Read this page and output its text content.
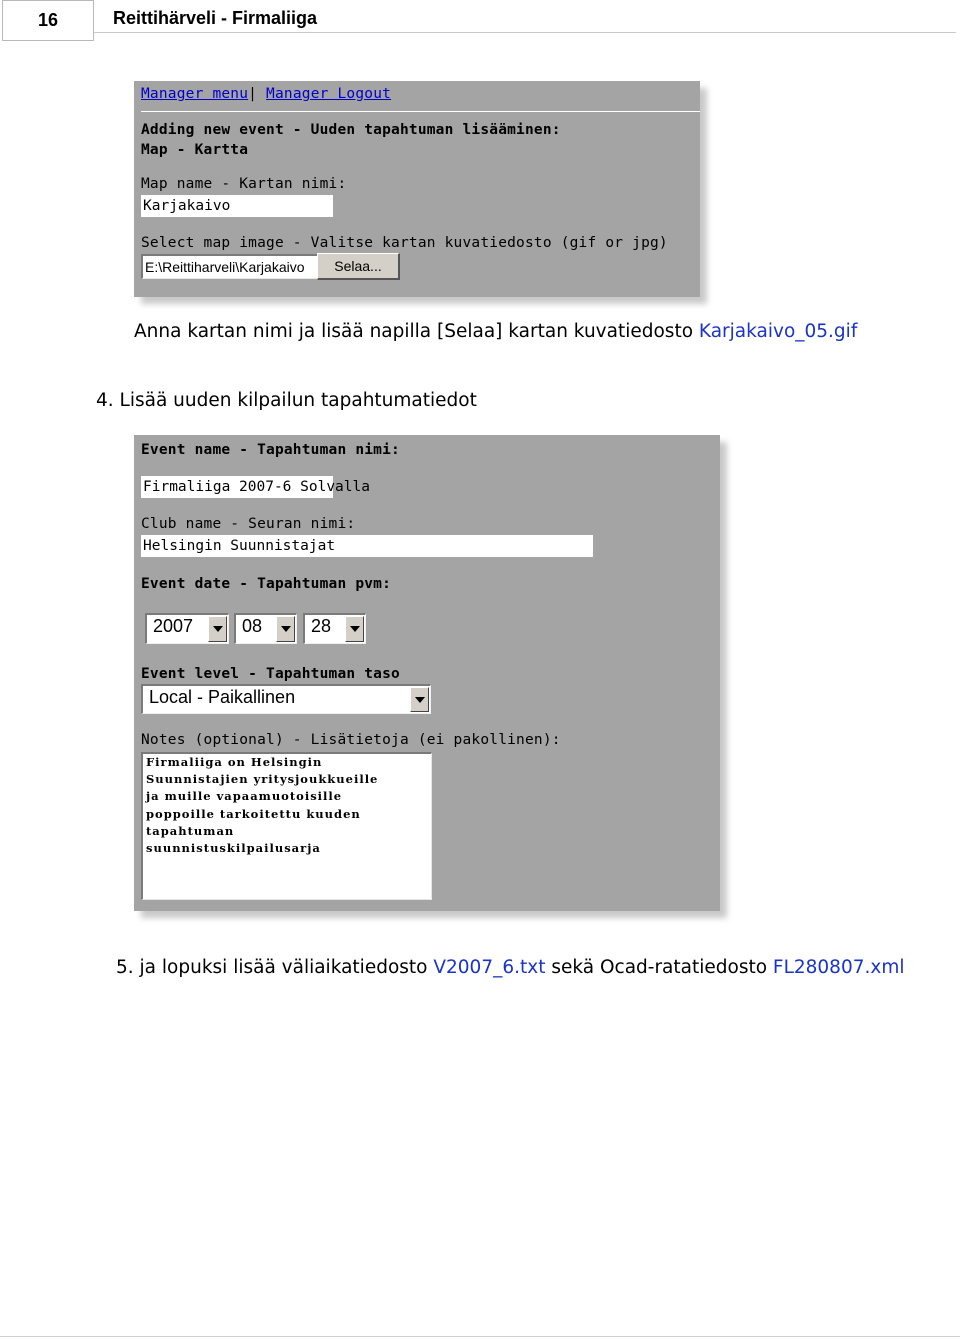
16	Reittihärveli - Firmaliiga
Manager menu| Manager Logout
Adding new event - Uuden tapahtuman lisääminen:
Map - Kartta
Map name - Kartan nimi:
Karjakaivo
Select map image - Valitse kartan kuvatiedosto (gif or jpg)
E:\Reittiharveli\Karjakaivo	Selaa...
Anna kartan nimi ja lisää napilla [Selaa] kartan kuvatiedosto Karjakaivo_05.gif
4. Lisää uuden kilpailun tapahtumatiedot
Event name - Tapahtuman nimi:
Firmaliiga 2007-6 Solvalla
Club name - Seuran nimi:
Helsingin Suunnistajat
Event date - Tapahtuman pvm:
2007	08	28
Event level - Tapahtuman taso
Local - Paikallinen
Notes (optional) - Lisätietoja (ei pakollinen):
Firmaliiga on Helsingin
Suunnistajien yritysjoukkueille
ja muille vapaamuotoisille
poppoille tarkoitettu kuuden
tapahtuman
suunnistuskilpailusarja
5. ja lopuksi lisää väliaikatiedosto V2007_6.txt sekä Ocad-ratatiedosto FL280807.xml
